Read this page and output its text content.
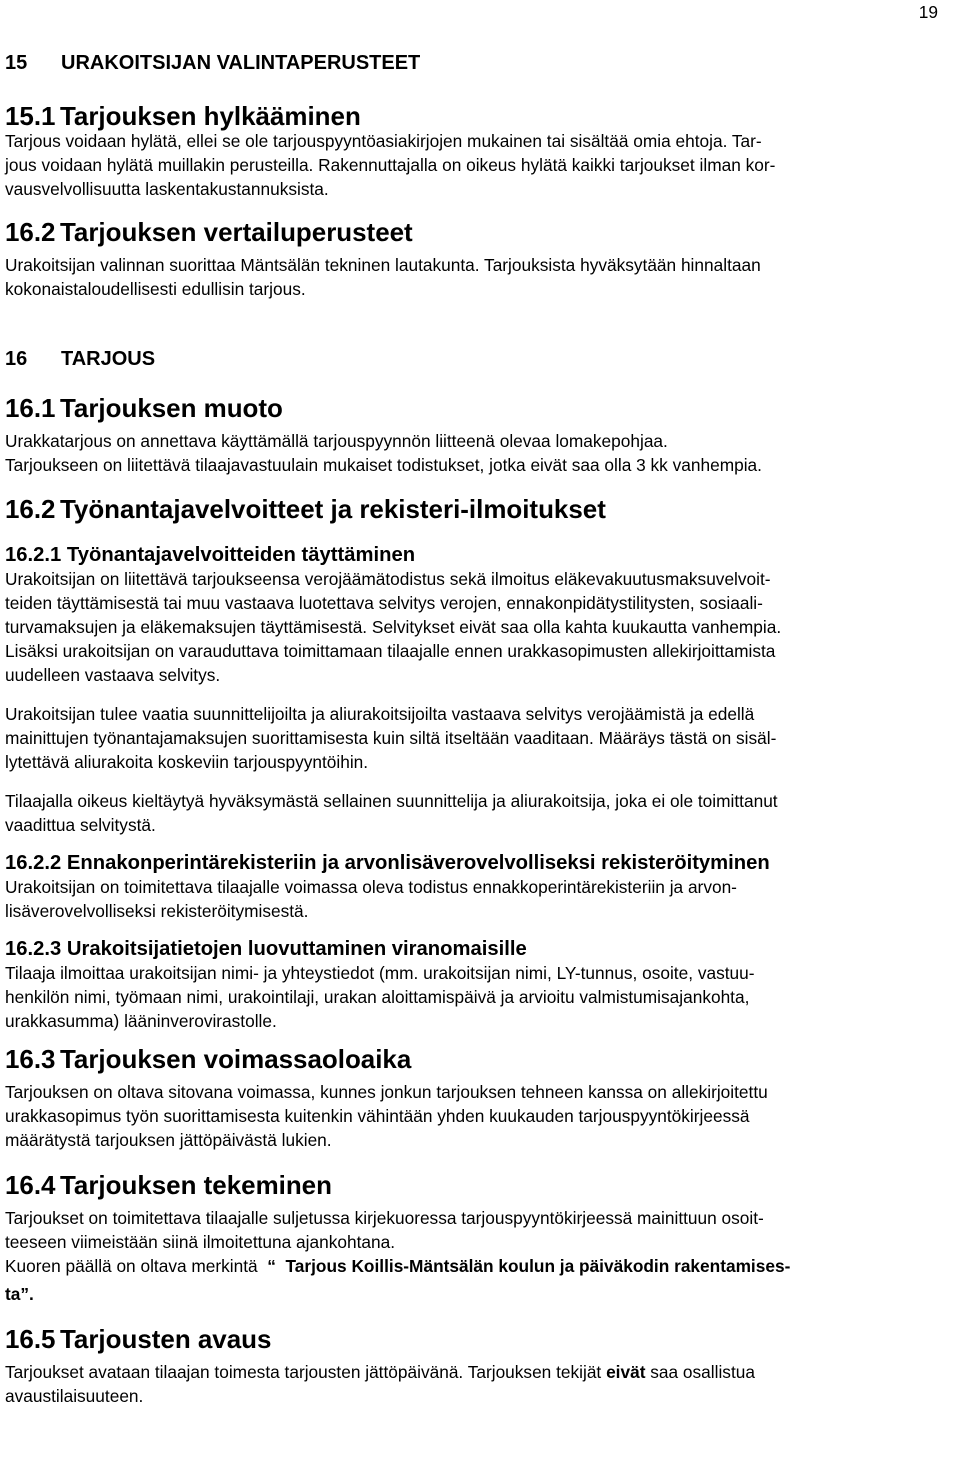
19
15 URAKOITSIJAN VALINTAPERUSTEET
15.1 Tarjouksen hylkääminen

Tarjous voidaan hylätä, ellei se ole tarjouspyyntöasiakirjojen mukainen tai sisältää omia ehtoja. Tar-
jous voidaan hylätä muillakin perusteilla. Rakennuttajalla on oikeus hylätä kaikki tarjoukset ilman kor-
vausvelvollisuutta laskentakustannuksista.

16.2 Tarjouksen vertailuperusteet

Urakoitsijan valinnan suorittaa Mäntsälän tekninen lautakunta. Tarjouksista hyväksytään hinnaltaan
kokonaistaloudellisesti edullisin tarjous.

16 TARJOUS
16.1 Tarjouksen muoto

Urakkatarjous on annettava käyttämällä tarjouspyynnön liitteenä olevaa lomakepohjaa.
Tarjoukseen on liitettävä tilaajavastuulain mukaiset todistukset, jotka eivät saa olla 3 kk vanhempia.

16.2 Työnantajavelvoitteet ja rekisteri-ilmoitukset
16.2.1 Työnantajavelvoitteiden täyttäminen

Urakoitsijan on liitettävä tarjoukseensa verojäämätodistus sekä ilmoitus eläkevakuutusmaksuvelvoit-
teiden täyttämisestä tai muu vastaava luotettava selvitys verojen, ennakonpidätystilitysten, sosiaali-
turvamaksujen ja eläkemaksujen täyttämisestä. Selvitykset eivät saa olla kahta kuukautta vanhempia.
Lisäksi urakoitsijan on varauduttava toimittamaan tilaajalle ennen urakkasopimusten allekirjoittamista
uudelleen vastaava selvitys.

Urakoitsijan tulee vaatia suunnittelijoilta ja aliurakoitsijoilta vastaava selvitys verojäämistä ja edellä
mainittujen työnantajamaksujen suorittamisesta kuin siltä itseltään vaaditaan. Määräys tästä on sisäl-
lytettävä aliurakoita koskeviin tarjouspyyntöihin.

Tilaajalla oikeus kieltäytyä hyväksymästä sellainen suunnittelija ja aliurakoitsija, joka ei ole toimittanut
vaadittua selvitystä.

16.2.2 Ennakonperintärekisteriin ja arvonlisäverovelvolliseksi rekisteröityminen

Urakoitsijan on toimitettava tilaajalle voimassa oleva todistus ennakkoperintärekisteriin ja arvon-
lisäverovelvolliseksi rekisteröitymisestä.

16.2.3 Urakoitsijatietojen luovuttaminen viranomaisille

Tilaaja ilmoittaa urakoitsijan nimi- ja yhteystiedot (mm. urakoitsijan nimi, LY-tunnus, osoite, vastuu-
henkilön nimi, työmaan nimi, urakointilaji, urakan aloittamispäivä ja arvioitu valmistumisajankohta,
urakkasumma) lääninverovirastolle.

16.3 Tarjouksen voimassaoloaika

Tarjouksen on oltava sitovana voimassa, kunnes jonkun tarjouksen tehneen kanssa on allekirjoitettu
urakkasopimus työn suorittamisesta kuitenkin vähintään yhden kuukauden tarjouspyyntökirjeessä
määrätystä tarjouksen jättöpäivästä lukien.

16.4 Tarjouksen tekeminen

Tarjoukset on toimitettava tilaajalle suljetussa kirjekuoressa tarjouspyyntökirjeessä mainittuun osoit-
teeseen viimeistään siinä ilmoitettuna ajankohtana.
Kuoren päällä on oltava merkintä “ Tarjous Koillis-Mäntsälän koulun ja päiväkodin rakentamises-
ta”.

16.5 Tarjousten avaus

Tarjoukset avataan tilaajan toimesta tarjousten jättöpäivänä. Tarjouksen tekijät eivät saa osallistua
avaustilaisuuteen.
